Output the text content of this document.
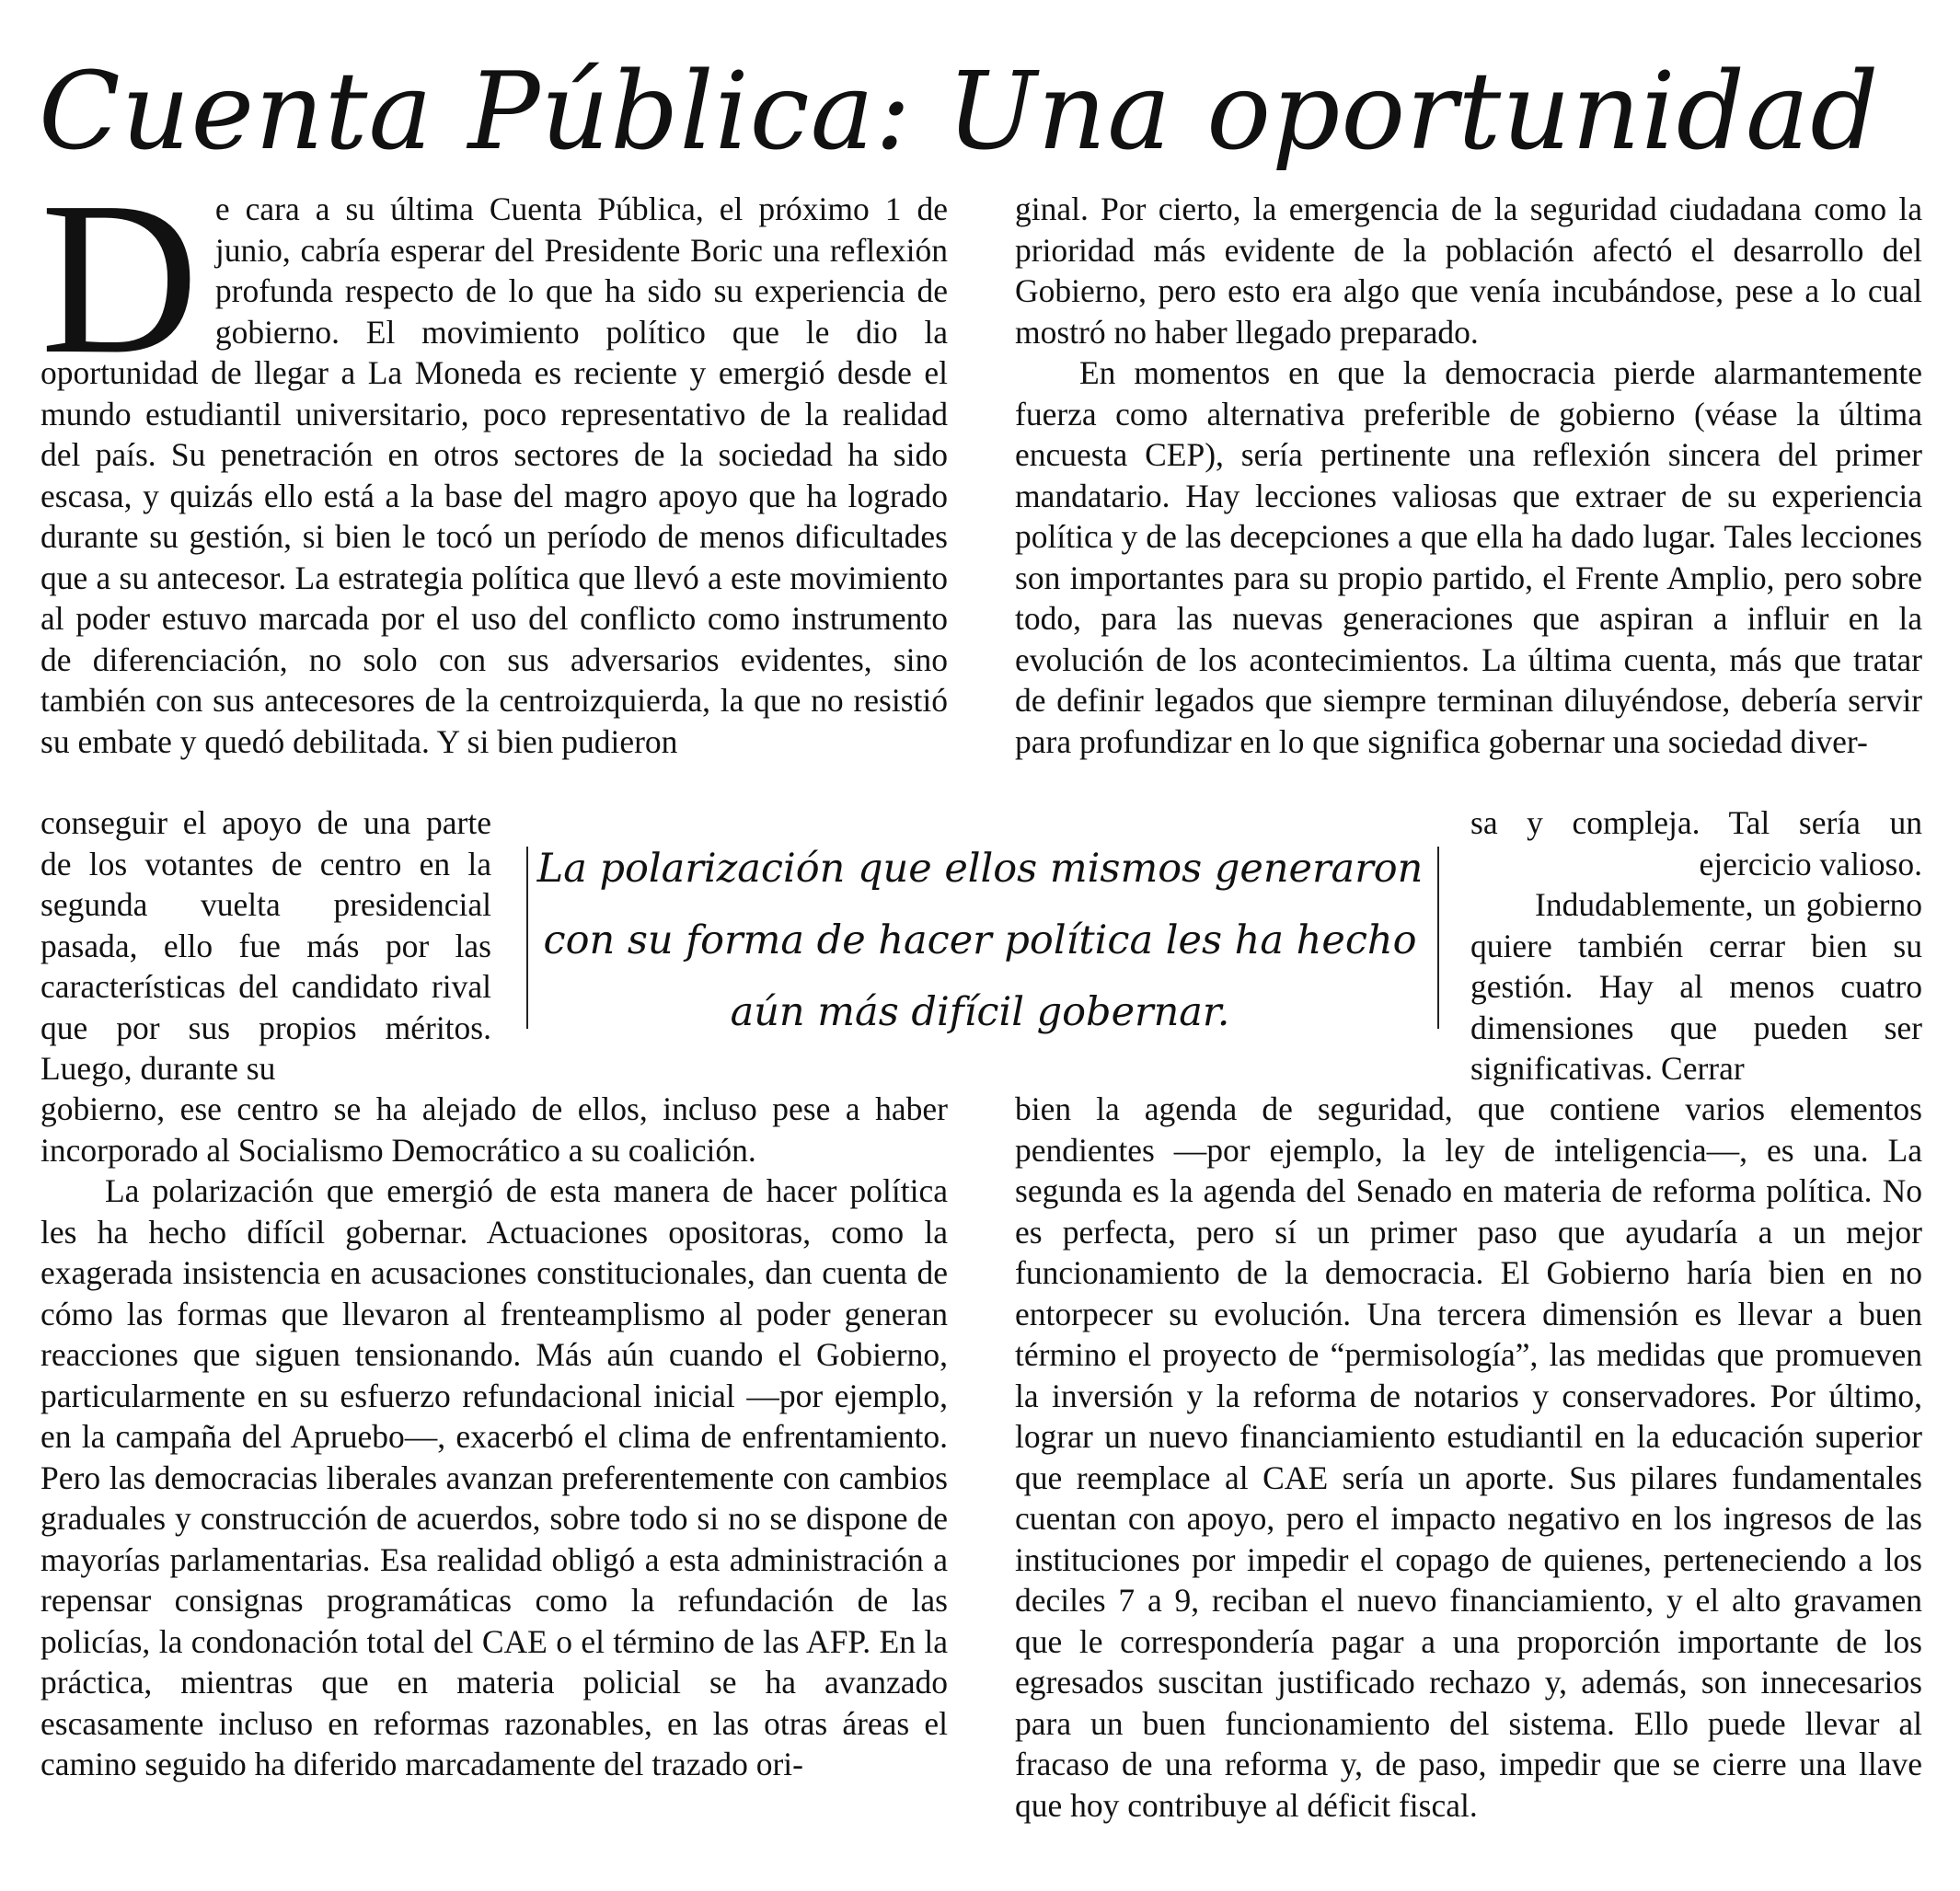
Cuenta Pública: Una oportunidad
D e cara a su última Cuenta Pública, el próximo 1 de junio, cabría esperar del Presidente Boric una reflexión profunda respecto de lo que ha sido su experiencia de gobierno. El movimiento político que le dio la oportunidad de llegar a La Moneda es reciente y emergió desde el mundo estudiantil universitario, poco representativo de la realidad del país. Su penetración en otros sectores de la sociedad ha sido escasa, y quizás ello está a la base del magro apoyo que ha logrado durante su gestión, si bien le tocó un período de menos dificultades que a su antecesor. La estrategia política que llevó a este movimiento al poder estuvo marcada por el uso del conflicto como instrumento de diferenciación, no solo con sus adversarios evidentes, sino también con sus antecesores de la centroizquierda, la que no resistió su embate y quedó debilitada. Y si bien pudieron

conseguir el apoyo de una parte de los votantes de centro en la segunda vuelta presidencial pasada, ello fue más por las características del candidato rival que por sus propios méritos. Luego, durante su

gobierno, ese centro se ha alejado de ellos, incluso pese a haber incorporado al Socialismo Democrático a su coalición.

La polarización que emergió de esta manera de hacer política les ha hecho difícil gobernar. Actuaciones opositoras, como la exagerada insistencia en acusaciones constitucionales, dan cuenta de cómo las formas que llevaron al frenteamplismo al poder generan reacciones que siguen tensionando. Más aún cuando el Gobierno, particularmente en su esfuerzo refundacional inicial —por ejemplo, en la campaña del Apruebo—, exacerbó el clima de enfrentamiento. Pero las democracias liberales avanzan preferentemente con cambios graduales y construcción de acuerdos, sobre todo si no se dispone de mayorías parlamentarias. Esa realidad obligó a esta administración a repensar consignas programáticas como la refundación de las policías, la condonación total del CAE o el término de las AFP. En la práctica, mientras que en materia policial se ha avanzado escasamente incluso en reformas razonables, en las otras áreas el camino seguido ha diferido marcadamente del trazado ori-

ginal. Por cierto, la emergencia de la seguridad ciudadana como la prioridad más evidente de la población afectó el desarrollo del Gobierno, pero esto era algo que venía incubándose, pese a lo cual mostró no haber llegado preparado.

En momentos en que la democracia pierde alarmantemente fuerza como alternativa preferible de gobierno (véase la última encuesta CEP), sería pertinente una reflexión sincera del primer mandatario. Hay lecciones valiosas que extraer de su experiencia política y de las decepciones a que ella ha dado lugar. Tales lecciones son importantes para su propio partido, el Frente Amplio, pero sobre todo, para las nuevas generaciones que aspiran a influir en la evolución de los acontecimientos. La última cuenta, más que tratar de definir legados que siempre terminan diluyéndose, debería servir para profundizar en lo que significa gobernar una sociedad diver-

sa y compleja. Tal sería un ejercicio valioso.

Indudablemente, un gobierno quiere también cerrar bien su gestión. Hay al menos cuatro dimensiones que pueden ser significativas. Cerrar

bien la agenda de seguridad, que contiene varios elementos pendientes —por ejemplo, la ley de inteligencia—, es una. La segunda es la agenda del Senado en materia de reforma política. No es perfecta, pero sí un primer paso que ayudaría a un mejor funcionamiento de la democracia. El Gobierno haría bien en no entorpecer su evolución. Una tercera dimensión es llevar a buen término el proyecto de “permisología”, las medidas que promueven la inversión y la reforma de notarios y conservadores. Por último, lograr un nuevo financiamiento estudiantil en la educación superior que reemplace al CAE sería un aporte. Sus pilares fundamentales cuentan con apoyo, pero el impacto negativo en los ingresos de las instituciones por impedir el copago de quienes, perteneciendo a los deciles 7 a 9, reciban el nuevo financiamiento, y el alto gravamen que le correspondería pagar a una proporción importante de los egresados suscitan justificado rechazo y, además, son innecesarios para un buen funcionamiento del sistema. Ello puede llevar al fracaso de una reforma y, de paso, impedir que se cierre una llave que hoy contribuye al déficit fiscal.

La polarización que ellos mismos generaron
con su forma de hacer política les ha hecho
aún más difícil gobernar.
